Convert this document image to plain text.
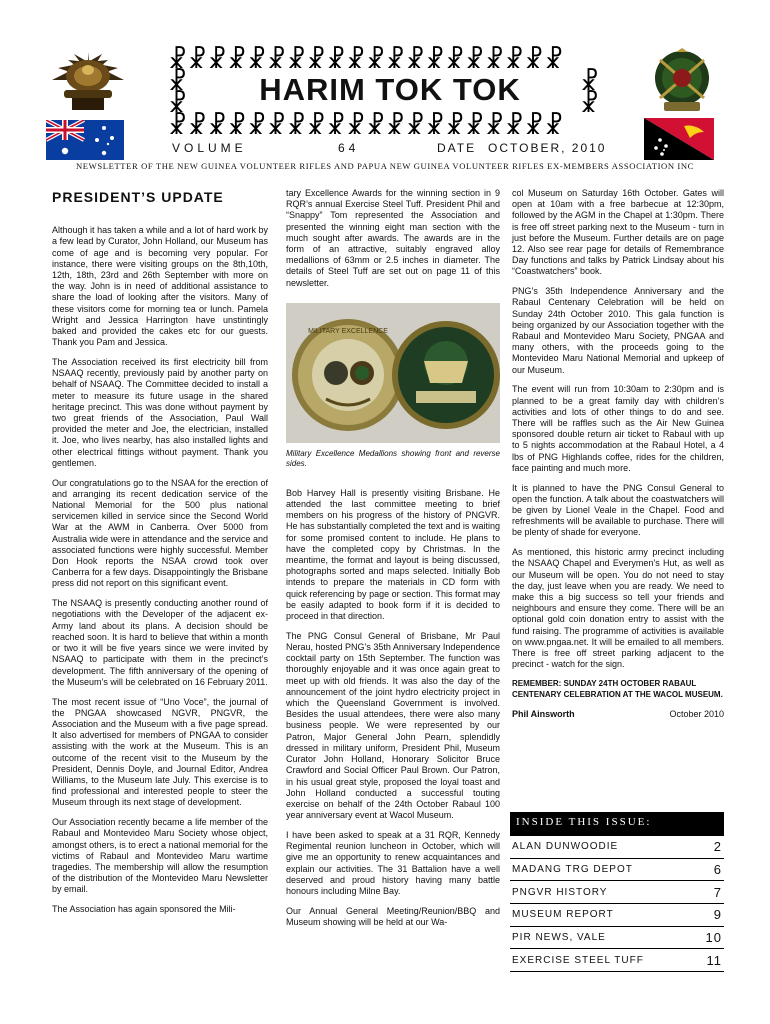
☧☧☧☧☧☧☧☧☧☧☧☧☧☧☧☧☧☧☧☧
☧
☧
☧
☧
☧☧☧☧☧☧☧☧☧☧☧☧☧☧☧☧☧☧☧☧
HARIM TOK TOK
VOLUME	64	DATE OCTOBER, 2010
NEWSLETTER OF THE NEW GUINEA VOLUNTEER RIFLES AND PAPUA NEW GUINEA VOLUNTEER RIFLES EX-MEMBERS ASSOCIATION INC

PRESIDENT’S UPDATE

Although it has taken a while and a lot of hard work by a few lead by Curator, John Holland, our Museum has come of age and is becoming very popular. For instance, there were visiting groups on the 8th,10th, 12th, 18th, 23rd and 26th September with more on the way. John is in need of additional assistance to share the load of looking after the visitors. Many of these visitors come for morning tea or lunch. Pamela Wright and Jessica Harrington have unstintingly baked and provided the cakes etc for our guests. Thank you Pam and Jessica.

The Association received its first electricity bill from NSAAQ recently, previously paid by another party on behalf of NSAAQ. The Committee decided to install a meter to measure its future usage in the shared heritage precinct. This was done without payment by two great friends of the Association, Paul Wall provided the meter and Joe, the electrician, installed it. Joe, who lives nearby, has also installed lights and other electrical fittings without payment. Thank you gentlemen.

Our congratulations go to the NSAA for the erection of and arranging its recent dedication service of the National Memorial for the 500 plus national servicemen killed in service since the Second World War at the AWM in Canberra. Over 5000 from Australia wide were in attendance and the service and associated functions were highly successful. Member Don Hook reports the NSAA crowd took over Canberra for a few days. Disappointingly the Brisbane press did not report on this significant event.

The NSAAQ is presently conducting another round of negotiations with the Developer of the adjacent ex-Army land about its plans. A decision should be reached soon. It is hard to believe that within a month or two it will be five years since we were invited by NSAAQ to participate with them in the precinct’s development. The fifth anniversary of the opening of the Museum’s will be celebrated on 16 February 2011.

The most recent issue of “Uno Voce”, the journal of the PNGAA showcased NGVR, PNGVR, the Association and the Museum with a five page spread. It also advertised for members of PNGAA to consider assisting with the work at the Museum. This is an outcome of the recent visit to the Museum by the President, Dennis Doyle, and Journal Editor, Andrea Williams, to the Museum late July. This exercise is to find professional and interested people to steer the Museum through its next stage of development.

Our Association recently became a life member of the Rabaul and Montevideo Maru Society whose object, amongst others, is to erect a national memorial for the victims of Rabaul and Montevideo Maru wartime tragedies. The membership will allow the resumption of the distribution of the Montevideo Maru Newsletter by email.

The Association has again sponsored the Mili-

tary Excellence Awards for the winning section in 9 RQR’s annual Exercise Steel Tuff. President Phil and “Snappy” Tom represented the Association and presented the winning eight man section with the much sought after awards. The awards are in the form of an attractive, suitably engraved alloy medallions of 63mm or 2.5 inches in diameter. The details of Steel Tuff are set out on page 11 of this newsletter.

MILITARY EXCELLENCE

Military Excellence Medallions showing front and reverse sides.

Bob Harvey Hall is presently visiting Brisbane. He attended the last committee meeting to brief members on his progress of the history of PNGVR. He has substantially completed the text and is waiting for some promised content to include. He plans to have the completed copy by Christmas. In the meantime, the format and layout is being discussed, photographs sorted and maps selected. Initially Bob intends to prepare the materials in CD form with quick referencing by page or section. This format may be easily adapted to book form if it is decided to proceed in that direction.

The PNG Consul General of Brisbane, Mr Paul Nerau, hosted PNG’s 35th Anniversary Independence cocktail party on 15th September. The function was thoroughly enjoyable and it was once again great to meet up with old friends. It was also the day of the announcement of the joint hydro electricity project in which the Queensland Government is involved. Besides the usual attendees, there were also many business people. We were represented by our Patron, Major General John Pearn, splendidly dressed in military uniform, President Phil, Museum Curator John Holland, Honorary Solicitor Bruce Crawford and Social Officer Paul Brown. Our Patron, in his usual great style, proposed the loyal toast and John Holland conducted a successful touting exercise on behalf of the 24th October Rabaul 100 year anniversary event at Wacol Museum.

I have been asked to speak at a 31 RQR, Kennedy Regimental reunion luncheon in October, which will give me an opportunity to renew acquaintances and explain our activities. The 31 Battalion have a well deserved and proud history having many battle honours including Milne Bay.

Our Annual General Meeting/Reunion/BBQ and Museum showing will be held at our Wa-

col Museum on Saturday 16th October. Gates will open at 10am with a free barbecue at 12:30pm, followed by the AGM in the Chapel at 1:30pm. There is free off street parking next to the Museum - turn in just before the Museum. Further details are on page 12. Also see rear page for details of Remembrance Day functions and talks by Patrick Lindsay about his “Coastwatchers” book.

PNG’s 35th Independence Anniversary and the Rabaul Centenary Celebration will be held on Sunday 24th October 2010. This gala function is being organized by our Association together with the Rabaul and Montevideo Maru Society, PNGAA and many others, with the proceeds going to the Montevideo Maru National Memorial and upkeep of our Museum.

The event will run from 10:30am to 2:30pm and is planned to be a great family day with children’s activities and lots of other things to do and see. There will be raffles such as the Air New Guinea sponsored double return air ticket to Rabaul with up to 5 nights accommodation at the Rabaul Hotel, a 4 lbs of PNG Highlands coffee, rides for the children, face painting and much more.

It is planned to have the PNG Consul General to open the function. A talk about the coastwatchers will be given by Lionel Veale in the Chapel. Food and refreshments will be available to purchase. There will be plenty of shade for everyone.

As mentioned, this historic army precinct including the NSAAQ Chapel and Everymen’s Hut, as well as our Museum will be open. You do not need to stay the day, just leave when you are ready. We need to make this a big success so tell your friends and neighbours and ensure they come. There will be an optional gold coin donation entry to assist with the fund raising. The programme of activities is available on www.pngaa.net. It will be emailed to all members. There is free off street parking adjacent to the precinct - watch for the sign.

REMEMBER: SUNDAY 24TH OCTOBER RABAUL CENTENARY CELEBRATION AT THE WACOL MUSEUM.

Phil Ainsworth	October 2010
INSIDE THIS ISSUE:
ALAN DUNWOODIE	2
MADANG TRG DEPOT	6
PNGVR HISTORY	7
MUSEUM REPORT	9
PIR NEWS, VALE	10
EXERCISE STEEL TUFF	11
